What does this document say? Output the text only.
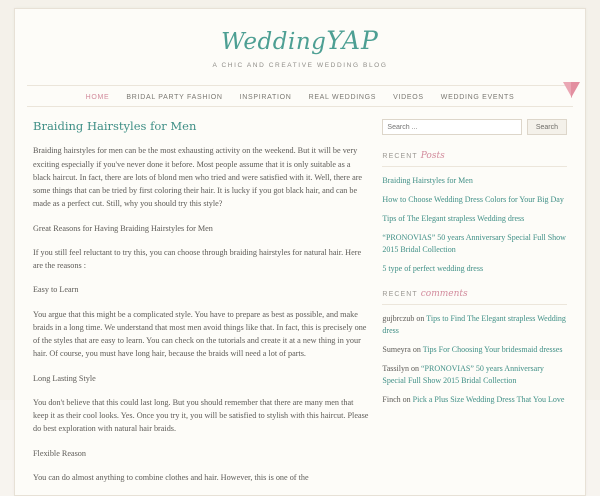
WeddingYAP
A CHIC AND CREATIVE WEDDING BLOG
HOME BRIDAL PARTY FASHION INSPIRATION REAL WEDDINGS VIDEOS WEDDING EVENTS
Braiding Hairstyles for Men

Braiding hairstyles for men can be the most exhausting activity on the weekend. But it will be very exciting especially if you've never done it before. Most people assume that it is only suitable as a black haircut. In fact, there are lots of blond men who tried and were satisfied with it. Well, there are some things that can be tried by first coloring their hair. It is lucky if you got black hair, and can be made as a perfect cut. Still, why you should try this style?

Great Reasons for Having Braiding Hairstyles for Men

If you still feel reluctant to try this, you can choose through braiding hairstyles for natural hair. Here are the reasons :

Easy to Learn

You argue that this might be a complicated style. You have to prepare as best as possible, and make braids in a long time. We understand that most men avoid things like that. In fact, this is precisely one of the styles that are easy to learn. You can check on the tutorials and create it at a new thing in your hair. Of course, you must have long hair, because the braids will need a lot of parts.

Long Lasting Style

You don't believe that this could last long. But you should remember that there are many men that keep it as their cool looks. Yes. Once you try it, you will be satisfied to stylish with this haircut. Please do best exploration with natural hair braids.

Flexible Reason

You can do almost anything to combine clothes and hair. However, this is one of the

Search ...
Search
RECENT Posts
Braiding Hairstyles for Men
How to Choose Wedding Dress Colors for Your Big Day
Tips of The Elegant strapless Wedding dress
“PRONOVIAS” 50 years Anniversary Special Full Show 2015 Bridal Collection
5 type of perfect wedding dress
RECENT comments
gujbrczub on Tips to Find The Elegant strapless Wedding dress
Sumeyra on Tips For Choosing Your bridesmaid dresses
Tassilyn on “PRONOVIAS” 50 years Anniversary Special Full Show 2015 Bridal Collection
Finch on Pick a Plus Size Wedding Dress That You Love
